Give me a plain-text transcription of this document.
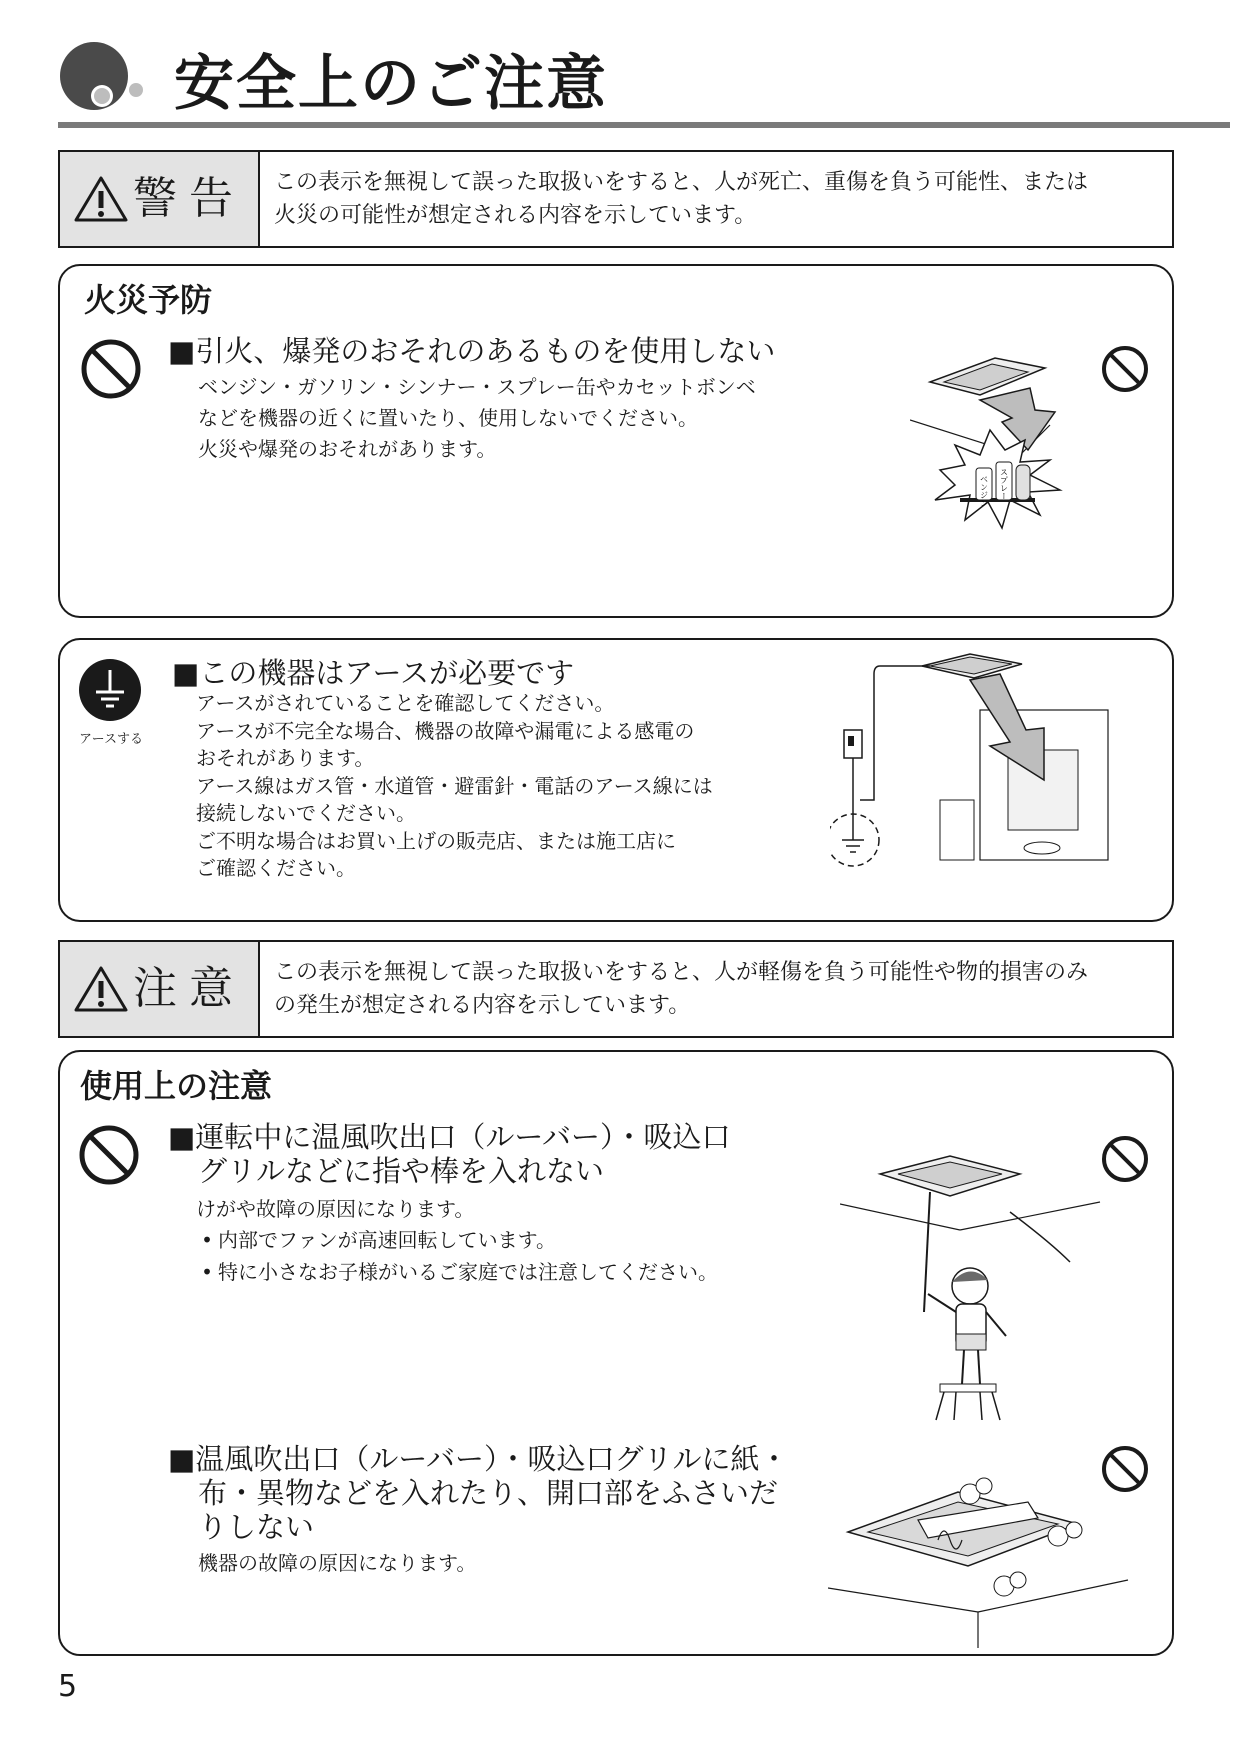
安全上のご注意
警告 この表示を無視して誤った取扱いをすると、人が死亡、重傷を負う可能性、または
火災の可能性が想定される内容を示しています。
火災予防
■引火、爆発のおそれのあるものを使用しない
ベンジン・ガソリン・シンナー・スプレー缶やカセットボンベ
などを機器の近くに置いたり、使用しないでください。
火災や爆発のおそれがあります。
ベンジン スプレー
アースする
■この機器はアースが必要です
アースがされていることを確認してください。
アースが不完全な場合、機器の故障や漏電による感電の
おそれがあります。
アース線はガス管・水道管・避雷針・電話のアース線には
接続しないでください。
ご不明な場合はお買い上げの販売店、または施工店に
ご確認ください。
注意 この表示を無視して誤った取扱いをすると、人が軽傷を負う可能性や物的損害のみ
の発生が想定される内容を示しています。
使用上の注意
■運転中に温風吹出口（ルーバー）・吸込口
グリルなどに指や棒を入れない
けがや故障の原因になります。
• 内部でファンが高速回転しています。
• 特に小さなお子様がいるご家庭では注意してください。
■温風吹出口（ルーバー）・吸込口グリルに紙・
布・異物などを入れたり、開口部をふさいだ
りしない
機器の故障の原因になります。
5
